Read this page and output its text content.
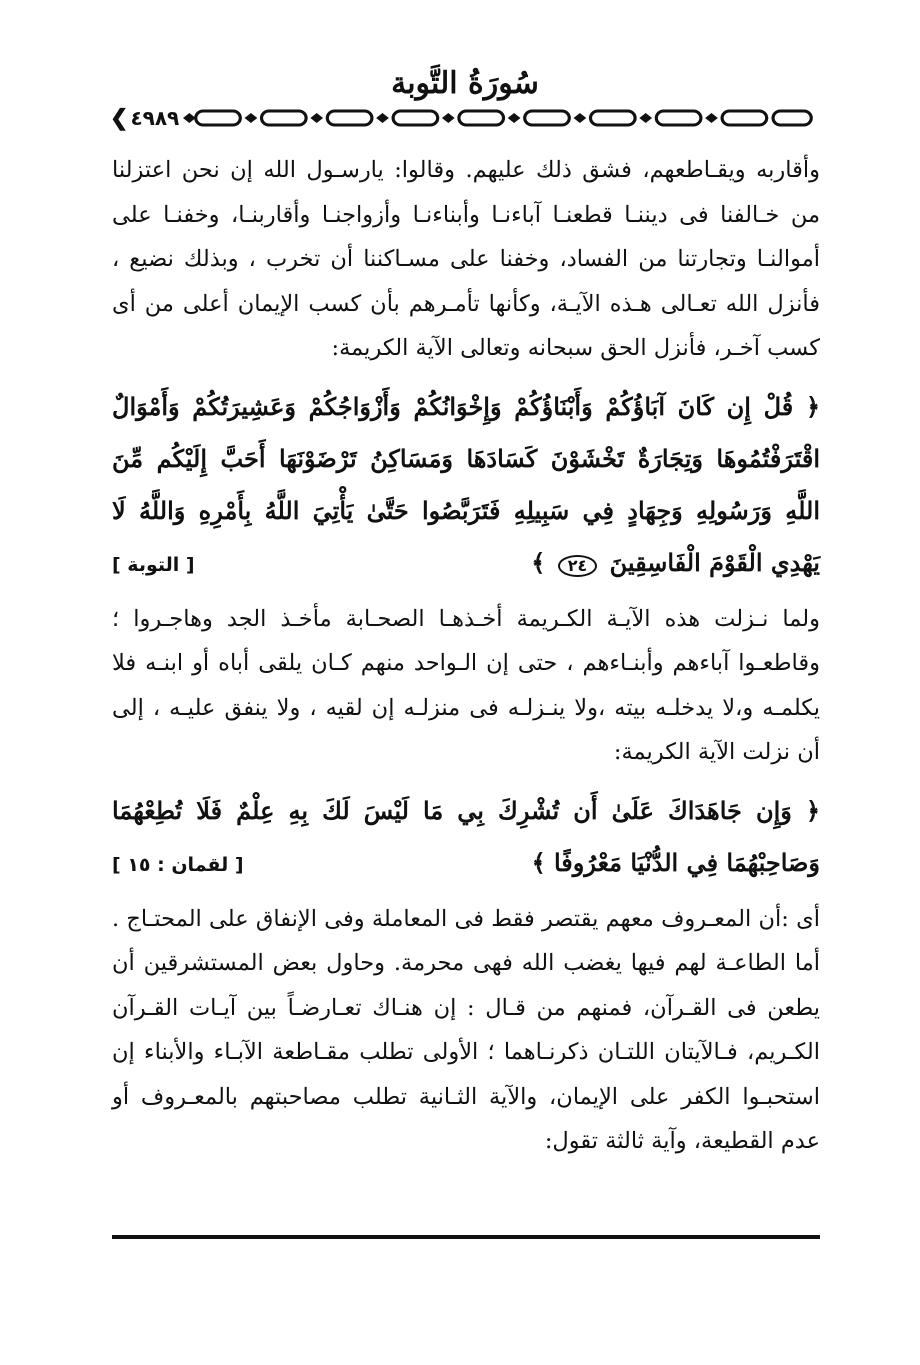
سُورَةُ التَّوبة
❮ ٤٩٨٩

وأقاربه ويقـاطعهم، فشق ذلك عليهم. وقالوا: يارسـول الله إن نحن اعتزلنا من خـالفنا فى ديننـا قطعنـا آباءنـا وأبناءنـا وأزواجنـا وأقاربنـا، وخفنـا على أموالنـا وتجارتنا من الفساد، وخفنا على مسـاكننا أن تخرب ، وبذلك نضيع ، فأنزل الله تعـالى هـذه الآيـة، وكأنها تأمـرهم بأن كسب الإيمان أعلى من أى كسب آخـر، فأنزل الحق سبحانه وتعالى الآية الكريمة:

﴿ قُلْ إِن كَانَ آبَاؤُكُمْ وَأَبْنَاؤُكُمْ وَإِخْوَانُكُمْ وَأَزْوَاجُكُمْ وَعَشِيرَتُكُمْ وَأَمْوَالٌ اقْتَرَفْتُمُوهَا وَتِجَارَةٌ تَخْشَوْنَ كَسَادَهَا وَمَسَاكِنُ تَرْضَوْنَهَا أَحَبَّ إِلَيْكُم مِّنَ اللَّهِ وَرَسُولِهِ وَجِهَادٍ فِي سَبِيلِهِ فَتَرَبَّصُوا حَتَّىٰ يَأْتِيَ اللَّهُ بِأَمْرِهِ وَاللَّهُ لَا يَهْدِي الْقَوْمَ الْفَاسِقِينَ ٢٤ ﴾
[ التوبة ]

ولما نـزلت هذه الآيـة الكـريمة أخـذهـا الصحـابة مأخـذ الجد وهاجـروا ؛ وقاطعـوا آباءهم وأبنـاءهم ، حتى إن الـواحد منهم كـان يلقى أباه أو ابنـه فلا يكلمـه و،لا يدخلـه بيته ،ولا ينـزلـه فى منزلـه إن لقيه ، ولا ينفق عليـه ، إلى أن نزلت الآية الكريمة:

﴿ وَإِن جَاهَدَاكَ عَلَىٰ أَن تُشْرِكَ بِي مَا لَيْسَ لَكَ بِهِ عِلْمٌ فَلَا تُطِعْهُمَا وَصَاحِبْهُمَا فِي الدُّنْيَا مَعْرُوفًا ﴾
[ لقمان : ١٥ ]

أى :أن المعـروف معهم يقتصر فقط فى المعاملة وفى الإنفاق على المحتـاج . أما الطاعـة لهم فيها يغضب الله فهى محرمة. وحاول بعض المستشرقين أن يطعن فى القـرآن، فمنهم من قـال : إن هنـاك تعـارضـاً بين آيـات القـرآن الكـريم، فـالآيتان اللتـان ذكرنـاهما ؛ الأولى تطلب مقـاطعة الآبـاء والأبناء إن استحبـوا الكفر على الإيمان، والآية الثـانية تطلب مصاحبتهم بالمعـروف أو عدم القطيعة، وآية ثالثة تقول:
